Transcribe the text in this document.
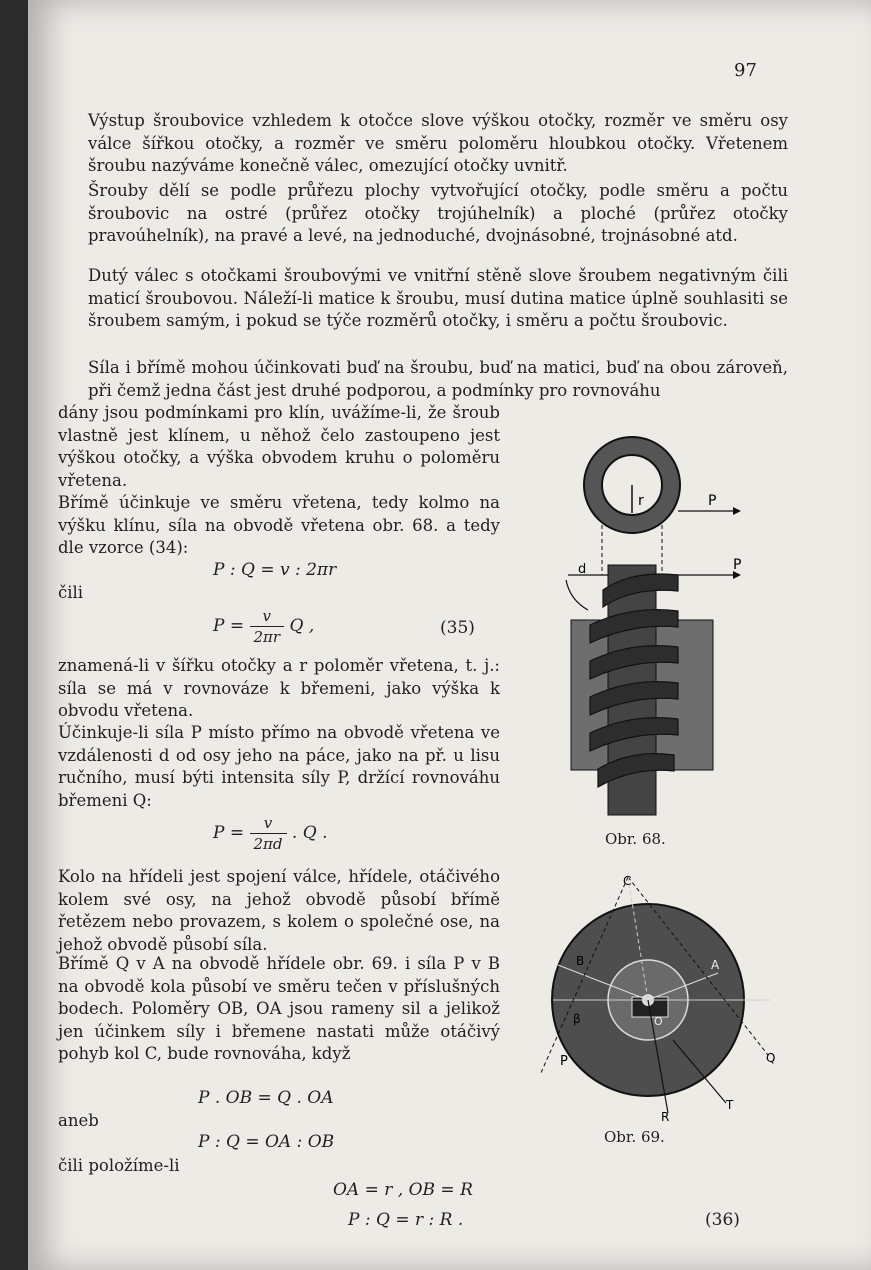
97

Výstup šroubovice vzhledem k otočce slove výškou otočky, rozměr ve směru osy válce šířkou otočky, a rozměr ve směru poloměru hloubkou otočky. Vřetenem šroubu nazýváme konečně válec, omezující otočky uvnitř.

Šrouby dělí se podle průřezu plochy vytvořující otočky, podle směru a počtu šroubovic na ostré (průřez otočky trojúhelník) a ploché (průřez otočky pravoúhelník), na pravé a levé, na jednoduché, dvojnásobné, trojnásobné atd.

Dutý válec s otočkami šroubovými ve vnitřní stěně slove šroubem negativným čili maticí šroubovou. Náleží-li matice k šroubu, musí dutina matice úplně souhlasiti se šroubem samým, i pokud se týče rozměrů otočky, i směru a počtu šroubovic.

Síla i břímě mohou účinkovati buď na šroubu, buď na matici, buď na obou zároveň, při čemž jedna část jest druhé podporou, a podmínky pro rovnováhu

dány jsou podmínkami pro klín, uvážíme-li, že šroub vlastně jest klínem, u něhož čelo zastoupeno jest výškou otočky, a výška obvodem kruhu o poloměru vřetena.

Břímě účinkuje ve směru vřetena, tedy kolmo na výšku klínu, síla na obvodě vřetena obr. 68. a tedy dle vzorce (34):

P : Q = v : 2πr
čili
$P = \frac{v}{2\pi r}$ Q ,	(35)

znamená-li v šířku otočky a r poloměr vřetena, t. j.: síla se má v rovnováze k břemeni, jako výška k obvodu vřetena.

Účinkuje-li síla P místo přímo na obvodě vřetena ve vzdálenosti d od osy jeho na páce, jako na př. u lisu ručního, musí býti intensita síly P, držící rovnováhu břemeni Q:

$P = \frac{v}{2\pi d}$ . Q .

Kolo na hřídeli jest spojení válce, hřídele, otáčivého kolem své osy, na jehož obvodě působí břímě řetězem nebo provazem, s kolem o společné ose, na jehož obvodě působí síla.

Břímě Q v A na obvodě hřídele obr. 69. i síla P v B na obvodě kola působí ve směru tečen v příslušných bodech. Poloměry OB, OA jsou rameny sil a jelikož jen účinkem síly i břemene nastati může otáčivý pohyb kol C, bude rovnováha, když

P . OB = Q . OA
aneb
P : Q = OA : OB
čili položíme-li
OA = r , OB = R
P : Q = r : R .	(36)
r	P
P
d
Obr. 68.
C
B	A
β
α
O
P	Q
R
T
Obr. 69.
